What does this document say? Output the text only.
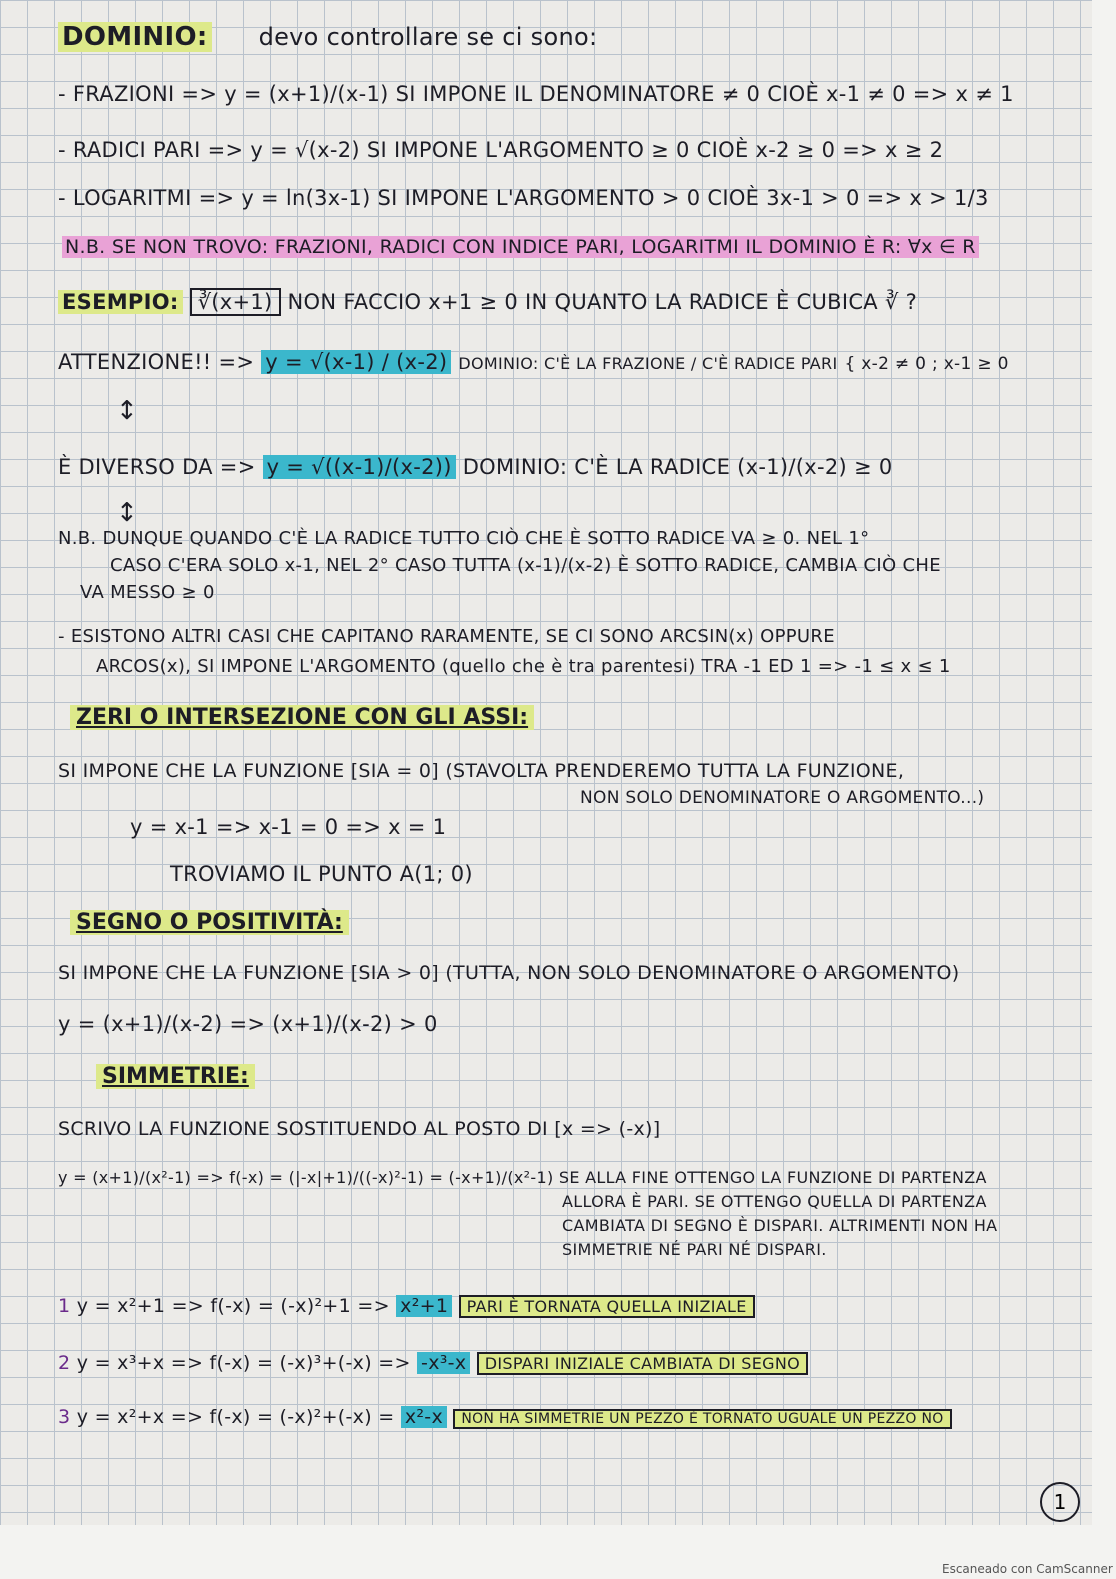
DOMINIO: devo controllare se ci sono:
- FRAZIONI => y = (x+1)/(x-1) SI IMPONE IL DENOMINATORE ≠ 0 CIOÈ x-1 ≠ 0 => x ≠ 1
- RADICI PARI => y = √(x-2) SI IMPONE L'ARGOMENTO ≥ 0 CIOÈ x-2 ≥ 0 => x ≥ 2
- LOGARITMI => y = ln(3x-1) SI IMPONE L'ARGOMENTO > 0 CIOÈ 3x-1 > 0 => x > 1/3
N.B. SE NON TROVO: FRAZIONI, RADICI CON INDICE PARI, LOGARITMI IL DOMINIO È R: ∀x ∈ R
ESEMPIO: ∛(x+1) NON FACCIO x+1 ≥ 0 IN QUANTO LA RADICE È CUBICA ∛ ?
ATTENZIONE!! => y = √(x-1) / (x-2) DOMINIO: C'È LA FRAZIONE / C'È RADICE PARI { x-2 ≠ 0 ; x-1 ≥ 0
↕
È DIVERSO DA => y = √((x-1)/(x-2)) DOMINIO: C'È LA RADICE (x-1)/(x-2) ≥ 0
↕
N.B. DUNQUE QUANDO C'È LA RADICE TUTTO CIÒ CHE È SOTTO RADICE VA ≥ 0. NEL 1°
CASO C'ERA SOLO x-1, NEL 2° CASO TUTTA (x-1)/(x-2) È SOTTO RADICE, CAMBIA CIÒ CHE
VA MESSO ≥ 0
- ESISTONO ALTRI CASI CHE CAPITANO RARAMENTE, SE CI SONO ARCSIN(x) OPPURE
ARCOS(x), SI IMPONE L'ARGOMENTO (quello che è tra parentesi) TRA -1 ED 1 => -1 ≤ x ≤ 1
ZERI O INTERSEZIONE CON GLI ASSI:
SI IMPONE CHE LA FUNZIONE [SIA = 0] (STAVOLTA PRENDEREMO TUTTA LA FUNZIONE,
NON SOLO DENOMINATORE O ARGOMENTO...)
y = x-1 => x-1 = 0 => x = 1
TROVIAMO IL PUNTO A(1; 0)
SEGNO O POSITIVITÀ:
SI IMPONE CHE LA FUNZIONE [SIA > 0] (TUTTA, NON SOLO DENOMINATORE O ARGOMENTO)
y = (x+1)/(x-2) => (x+1)/(x-2) > 0
SIMMETRIE:
SCRIVO LA FUNZIONE SOSTITUENDO AL POSTO DI [x => (-x)]
y = (x+1)/(x²-1) => f(-x) = (|-x|+1)/((-x)²-1) = (-x+1)/(x²-1) SE ALLA FINE OTTENGO LA FUNZIONE DI PARTENZA
ALLORA È PARI. SE OTTENGO QUELLA DI PARTENZA
CAMBIATA DI SEGNO È DISPARI. ALTRIMENTI NON HA
SIMMETRIE NÉ PARI NÉ DISPARI.
1 y = x²+1 => f(-x) = (-x)²+1 => x²+1 PARI È TORNATA QUELLA INIZIALE
2 y = x³+x => f(-x) = (-x)³+(-x) => -x³-x DISPARI INIZIALE CAMBIATA DI SEGNO
3 y = x²+x => f(-x) = (-x)²+(-x) = x²-x NON HA SIMMETRIE UN PEZZO È TORNATO UGUALE UN PEZZO NO
1
Escaneado con CamScanner
